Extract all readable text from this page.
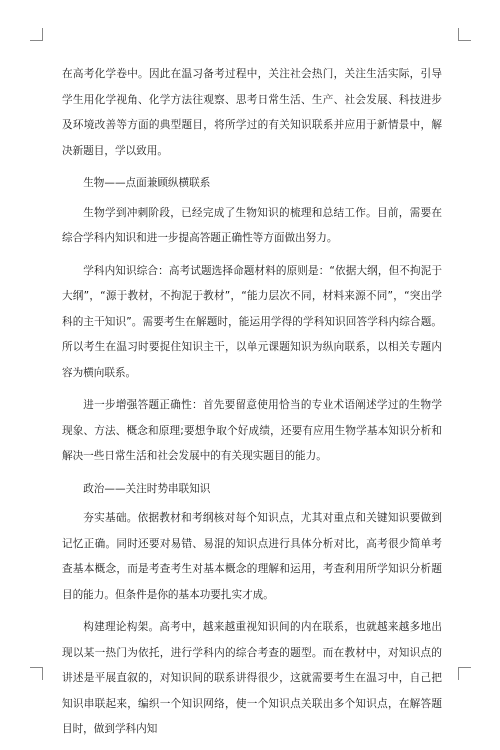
在高考化学卷中。因此在温习备考过程中，关注社会热门，关注生活实际，引导学生用化学视角、化学方法往观察、思考日常生活、生产、社会发展、科技进步及环境改善等方面的典型题目，将所学过的有关知识联系并应用于新情景中，解决新题目，学以致用。

生物——点面兼顾纵横联系

生物学到冲刺阶段，已经完成了生物知识的梳理和总结工作。目前，需要在综合学科内知识和进一步提高答题正确性等方面做出努力。

学科内知识综合：高考试题选择命题材料的原则是：“依据大纲，但不拘泥于大纲”，“源于教材，不拘泥于教材”，“能力层次不同，材料来源不同”，“突出学科的主干知识”。需要考生在解题时，能运用学得的学科知识回答学科内综合题。所以考生在温习时要捉住知识主干，以单元课题知识为纵向联系，以相关专题内容为横向联系。

进一步增强答题正确性：首先要留意使用恰当的专业术语阐述学过的生物学现象、方法、概念和原理;要想争取个好成绩，还要有应用生物学基本知识分析和解决一些日常生活和社会发展中的有关现实题目的能力。

政治——关注时势串联知识

夯实基础。依据教材和考纲核对每个知识点，尤其对重点和关键知识要做到记忆正确。同时还要对易错、易混的知识点进行具体分析对比，高考很少简单考查基本概念，而是考查考生对基本概念的理解和运用，考查利用所学知识分析题目的能力。但条件是你的基本功要扎实才成。

构建理论构架。高考中，越来越重视知识间的内在联系，也就越来越多地出现以某一热门为依托，进行学科内的综合考查的题型。而在教材中，对知识点的讲述是平展直叙的，对知识间的联系讲得很少，这就需要考生在温习中，自己把知识串联起来，编织一个知识网络，使一个知识点关联出多个知识点，在解答题目时，做到学科内知
